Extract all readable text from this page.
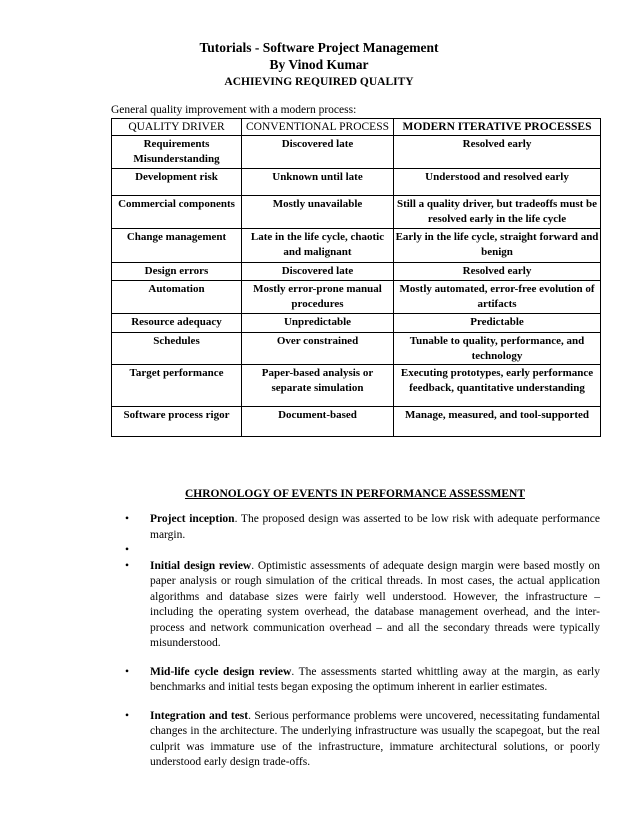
Tutorials - Software Project Management
By Vinod Kumar
ACHIEVING REQUIRED QUALITY
General quality improvement with a modern process:
QUALITY DRIVER	CONVENTIONAL PROCESS	MODERN ITERATIVE PROCESSES
Requirements Misunderstanding	Discovered late	Resolved early
Development risk	Unknown until late	Understood and resolved early
Commercial components	Mostly unavailable	Still a quality driver, but tradeoffs must be resolved early in the life cycle
Change management	Late in the life cycle, chaotic and malignant	Early in the life cycle, straight forward and benign
Design errors	Discovered late	Resolved early
Automation	Mostly error-prone manual procedures	Mostly automated, error-free evolution of artifacts
Resource adequacy	Unpredictable	Predictable
Schedules	Over constrained	Tunable to quality, performance, and technology
Target performance	Paper-based analysis or separate simulation	Executing prototypes, early performance feedback, quantitative understanding
Software process rigor	Document-based	Manage, measured, and tool-supported
CHRONOLOGY OF EVENTS IN PERFORMANCE ASSESSMENT
• Project inception. The proposed design was asserted to be low risk with adequate performance margin.
•
• Initial design review. Optimistic assessments of adequate design margin were based mostly on paper analysis or rough simulation of the critical threads. In most cases, the actual application algorithms and database sizes were fairly well understood. However, the infrastructure – including the operating system overhead, the database management overhead, and the inter-process and network communication overhead – and all the secondary threads were typically misunderstood.
• Mid-life cycle design review. The assessments started whittling away at the margin, as early benchmarks and initial tests began exposing the optimum inherent in earlier estimates.
• Integration and test. Serious performance problems were uncovered, necessitating fundamental changes in the architecture. The underlying infrastructure was usually the scapegoat, but the real culprit was immature use of the infrastructure, immature architectural solutions, or poorly understood early design trade-offs.
